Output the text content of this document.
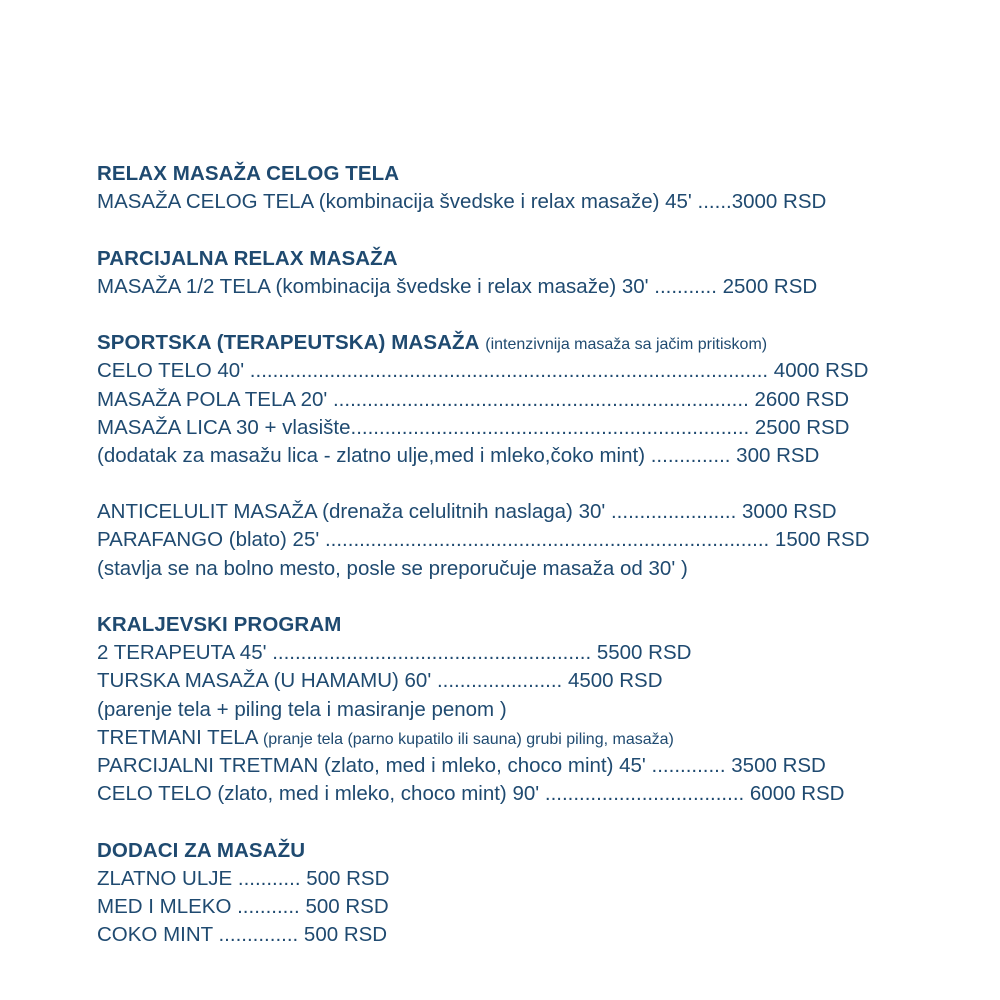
RELAX MASAŽA CELOG TELA
MASAŽA CELOG TELA (kombinacija švedske i relax masaže) 45' ......3000 RSD
PARCIJALNA RELAX MASAŽA
MASAŽA 1/2 TELA (kombinacija švedske i relax masaže) 30' ........... 2500 RSD
SPORTSKA (TERAPEUTSKA) MASAŽA (intenzivnija masaža sa jačim pritiskom)
CELO TELO 40' ........................................................................................... 4000 RSD
MASAŽA POLA TELA 20' ......................................................................... 2600 RSD
MASAŽA LICA 30 + vlasište...................................................................... 2500 RSD
(dodatak za masažu lica - zlatno ulje,med i mleko,čoko mint) .............. 300 RSD
ANTICELULIT MASAŽA (drenaža celulitnih naslaga) 30' ...................... 3000 RSD
PARAFANGO (blato) 25' .............................................................................. 1500 RSD
(stavlja se na bolno mesto, posle se preporučuje masaža od 30' )
KRALJEVSKI PROGRAM
2 TERAPEUTA 45' ........................................................ 5500 RSD
TURSKA MASAŽA (U HAMAMU) 60' ...................... 4500 RSD
(parenje tela + piling tela i masiranje penom )
TRETMANI TELA (pranje tela (parno kupatilo ili sauna) grubi piling, masaža)
PARCIJALNI TRETMAN (zlato, med i mleko, choco mint) 45' ............. 3500 RSD
CELO TELO (zlato, med i mleko, choco mint) 90' ................................... 6000 RSD
DODACI ZA MASAŽU
ZLATNO ULJE ........... 500 RSD
MED I MLEKO ........... 500 RSD
COKO MINT .............. 500 RSD
